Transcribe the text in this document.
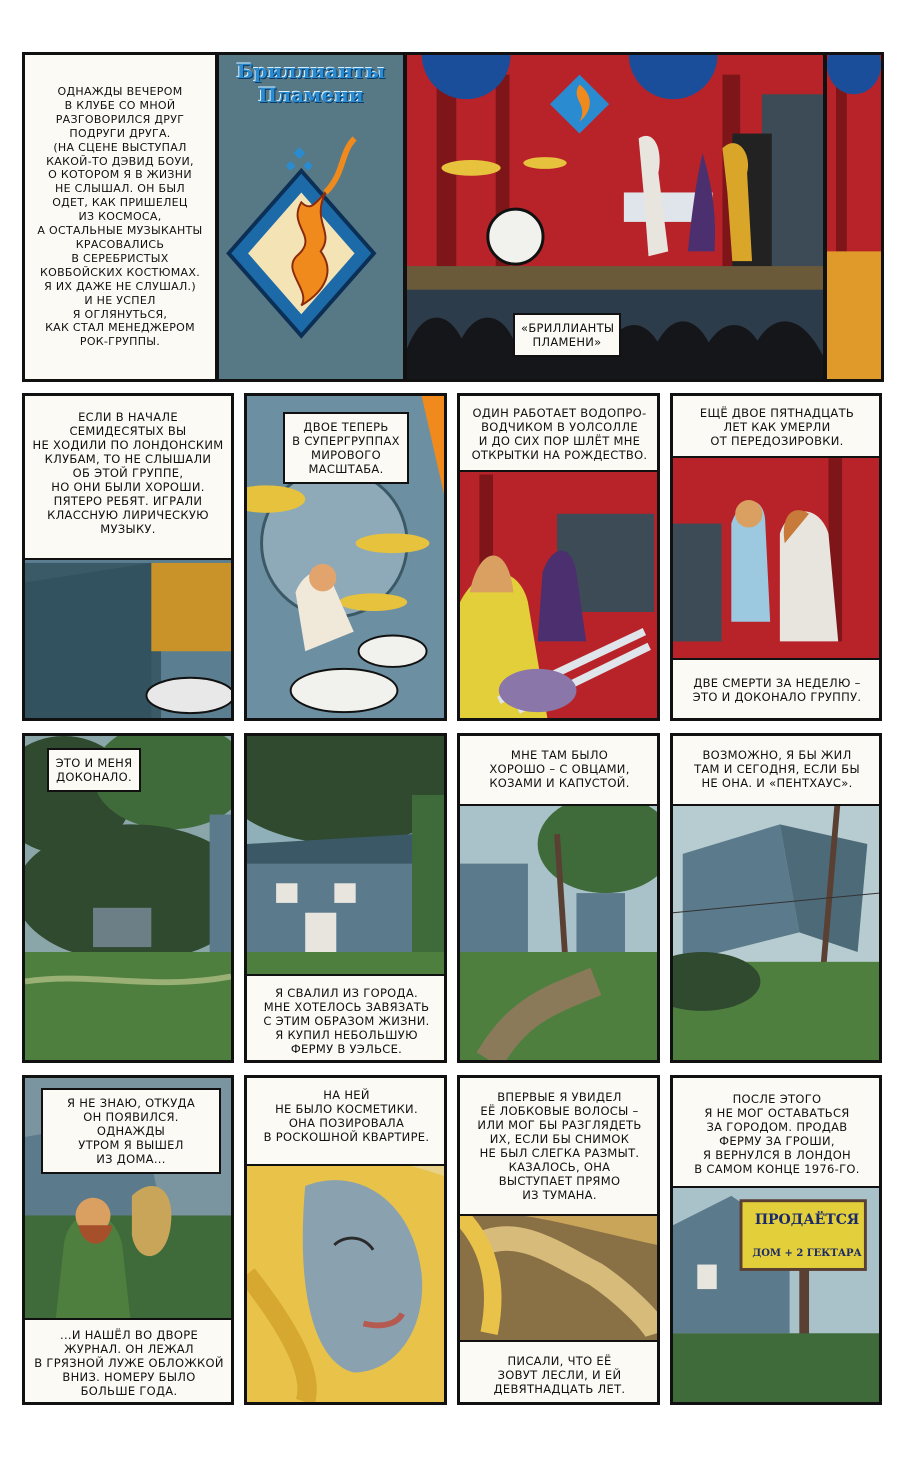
ОДНАЖДЫ ВЕЧЕРОМ
В КЛУБЕ СО МНОЙ
РАЗГОВОРИЛСЯ ДРУГ
ПОДРУГИ ДРУГА.
(НА СЦЕНЕ ВЫСТУПАЛ
КАКОЙ-ТО ДЭВИД БОУИ,
О КОТОРОМ Я В ЖИЗНИ
НЕ СЛЫШАЛ. ОН БЫЛ
ОДЕТ, КАК ПРИШЕЛЕЦ
ИЗ КОСМОСА,
А ОСТАЛЬНЫЕ МУЗЫКАНТЫ
КРАСОВАЛИСЬ
В СЕРЕБРИСТЫХ
КОВБОЙСКИХ КОСТЮМАХ.
Я ИХ ДАЖЕ НЕ СЛУШАЛ.)
И НЕ УСПЕЛ
Я ОГЛЯНУТЬСЯ,
КАК СТАЛ МЕНЕДЖЕРОМ
РОК-ГРУППЫ.
Бриллианты
Пламени
«БРИЛЛИАНТЫ
ПЛАМЕНИ»
ЕСЛИ В НАЧАЛЕ
СЕМИДЕСЯТЫХ ВЫ
НЕ ХОДИЛИ ПО ЛОНДОНСКИМ
КЛУБАМ, ТО НЕ СЛЫШАЛИ
ОБ ЭТОЙ ГРУППЕ,
НО ОНИ БЫЛИ ХОРОШИ.
ПЯТЕРО РЕБЯТ. ИГРАЛИ
КЛАССНУЮ ЛИРИЧЕСКУЮ
МУЗЫКУ.
ДВОЕ ТЕПЕРЬ
В СУПЕРГРУППАХ
МИРОВОГО
МАСШТАБА.
ОДИН РАБОТАЕТ ВОДОПРО-
ВОДЧИКОМ В УОЛСОЛЛЕ
И ДО СИХ ПОР ШЛЁТ МНЕ
ОТКРЫТКИ НА РОЖДЕСТВО.
ЕЩЁ ДВОЕ ПЯТНАДЦАТЬ
ЛЕТ КАК УМЕРЛИ
ОТ ПЕРЕДОЗИРОВКИ.
ДВЕ СМЕРТИ ЗА НЕДЕЛЮ –
ЭТО И ДОКОНАЛО ГРУППУ.
ЭТО И МЕНЯ
ДОКОНАЛО.
Я СВАЛИЛ ИЗ ГОРОДА.
МНЕ ХОТЕЛОСЬ ЗАВЯЗАТЬ
С ЭТИМ ОБРАЗОМ ЖИЗНИ.
Я КУПИЛ НЕБОЛЬШУЮ
ФЕРМУ В УЭЛЬСЕ.
МНЕ ТАМ БЫЛО
ХОРОШО – С ОВЦАМИ,
КОЗАМИ И КАПУСТОЙ.
ВОЗМОЖНО, Я БЫ ЖИЛ
ТАМ И СЕГОДНЯ, ЕСЛИ БЫ
НЕ ОНА. И «ПЕНТХАУС».
Я НЕ ЗНАЮ, ОТКУДА
ОН ПОЯВИЛСЯ. ОДНАЖДЫ
УТРОМ Я ВЫШЕЛ
ИЗ ДОМА...
...И НАШЁЛ ВО ДВОРЕ
ЖУРНАЛ. ОН ЛЕЖАЛ
В ГРЯЗНОЙ ЛУЖЕ ОБЛОЖКОЙ
ВНИЗ. НОМЕРУ БЫЛО
БОЛЬШЕ ГОДА.
НА НЕЙ
НЕ БЫЛО КОСМЕТИКИ.
ОНА ПОЗИРОВАЛА
В РОСКОШНОЙ КВАРТИРЕ.
ВПЕРВЫЕ Я УВИДЕЛ
ЕЁ ЛОБКОВЫЕ ВОЛОСЫ –
ИЛИ МОГ БЫ РАЗГЛЯДЕТЬ
ИХ, ЕСЛИ БЫ СНИМОК
НЕ БЫЛ СЛЕГКА РАЗМЫТ.
КАЗАЛОСЬ, ОНА
ВЫСТУПАЕТ ПРЯМО
ИЗ ТУМАНА.
ПИСАЛИ, ЧТО ЕЁ
ЗОВУТ ЛЕСЛИ, И ЕЙ
ДЕВЯТНАДЦАТЬ ЛЕТ.
ПОСЛЕ ЭТОГО
Я НЕ МОГ ОСТАВАТЬСЯ
ЗА ГОРОДОМ. ПРОДАВ
ФЕРМУ ЗА ГРОШИ,
Я ВЕРНУЛСЯ В ЛОНДОН
В САМОМ КОНЦЕ 1976-ГО.
ПРОДАЁТСЯ
ДОМ + 2 ГЕКТАРА
